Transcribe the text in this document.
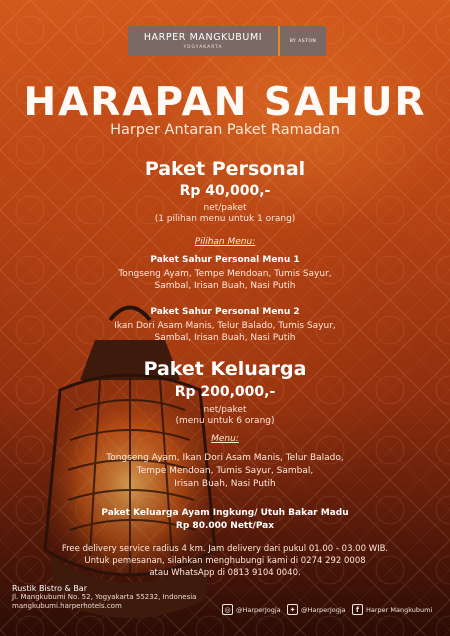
HARPER MANGKUBUMI
YOGYAKARTA
BY ASTON
HARAPAN SAHUR
Harper Antaran Paket Ramadan
Paket Personal
Rp 40,000,-
net/paket
(1 pilihan menu untuk 1 orang)
Pilihan Menu:
Paket Sahur Personal Menu 1
Tongseng Ayam, Tempe Mendoan, Tumis Sayur,
Sambal, Irisan Buah, Nasi Putih
Paket Sahur Personal Menu 2
Ikan Dori Asam Manis, Telur Balado, Tumis Sayur,
Sambal, Irisan Buah, Nasi Putih
Paket Keluarga
Rp 200,000,-
net/paket
(menu untuk 6 orang)
Menu:
Tongseng Ayam, Ikan Dori Asam Manis, Telur Balado,
Tempe Mendoan, Tumis Sayur, Sambal,
Irisan Buah, Nasi Putih
Paket Keluarga Ayam Ingkung/ Utuh Bakar Madu
Rp 80.000 Nett/Pax
Free delivery service radius 4 km. Jam delivery dari pukul 01.00 - 03.00 WIB.
Untuk pemesanan, silahkan menghubungi kami di 0274 292 0008
atau WhatsApp di 0813 9104 0040.
Rustik Bistro & Bar
Jl. Mangkubumi No. 52, Yogyakarta 55232, Indonesia
mangkubumi.harperhotels.com	◎ @HarperJogja	✦ @HarperJogja	f	Harper Mangkubumi
